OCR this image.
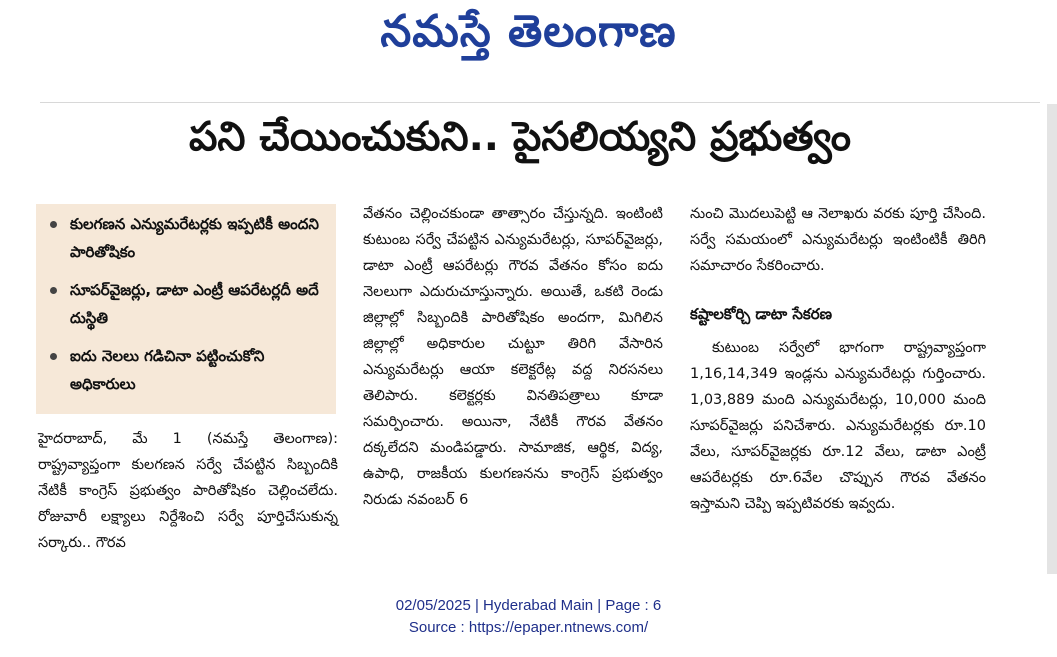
నమస్తే తెలంగాణ
పని చేయించుకుని.. పైసలియ్యని ప్రభుత్వం
కులగణన ఎన్యుమరేటర్లకు ఇప్పటికీ అందని పారితోషికం
సూపర్‌వైజర్లు, డాటా ఎంట్రీ ఆపరేటర్లదీ అదే దుస్థితి
ఐదు నెలలు గడిచినా పట్టించుకోని అధికారులు

హైదరాబాద్, మే 1 (నమస్తే తెలంగాణ): రాష్ట్రవ్యాప్తంగా కులగణన సర్వే చేపట్టిన సిబ్బందికి నేటికీ కాంగ్రెస్ ప్రభుత్వం పారితోషికం చెల్లించలేదు. రోజువారీ లక్ష్యాలు నిర్దేశించి సర్వే పూర్తిచేసుకున్న సర్కారు.. గౌరవ

వేతనం చెల్లించకుండా తాత్సారం చేస్తున్నది. ఇంటింటి కుటుంబ సర్వే చేపట్టిన ఎన్యుమరేటర్లు, సూపర్‌వైజర్లు, డాటా ఎంట్రీ ఆపరేటర్లు గౌరవ వేతనం కోసం ఐదు నెలలుగా ఎదురుచూస్తున్నారు. అయితే, ఒకటి రెండు జిల్లాల్లో సిబ్బందికి పారితోషికం అందగా, మిగిలిన జిల్లాల్లో అధికారుల చుట్టూ తిరిగి వేసారిన ఎన్యుమరేటర్లు ఆయా కలెక్టరేట్ల వద్ద నిరసనలు తెలిపారు. కలెక్టర్లకు వినతిపత్రాలు కూడా సమర్పించారు. అయినా, నేటికీ గౌరవ వేతనం దక్కలేదని మండిపడ్డారు. సామాజిక, ఆర్థిక, విద్య, ఉపాధి, రాజకీయ కులగణనను కాంగ్రెస్ ప్రభుత్వం నిరుడు నవంబర్ 6

నుంచి మొదలుపెట్టి ఆ నెలాఖరు వరకు పూర్తి చేసింది. సర్వే సమయంలో ఎన్యుమరేటర్లు ఇంటింటికీ తిరిగి సమాచారం సేకరించారు.

కష్టాలకోర్చి డాటా సేకరణ

కుటుంబ సర్వేలో భాగంగా రాష్ట్రవ్యాప్తంగా 1,16,14,349 ఇండ్లను ఎన్యుమరేటర్లు గుర్తించారు. 1,03,889 మంది ఎన్యుమరేటర్లు, 10,000 మంది సూపర్‌వైజర్లు పనిచేశారు. ఎన్యుమరేటర్లకు రూ.10 వేలు, సూపర్‌వైజర్లకు రూ.12 వేలు, డాటా ఎంట్రీ ఆపరేటర్లకు రూ.6వేల చొప్పున గౌరవ వేతనం ఇస్తామని చెప్పి ఇప్పటివరకు ఇవ్వదు.

02/05/2025 | Hyderabad Main | Page : 6
Source : https://epaper.ntnews.com/
